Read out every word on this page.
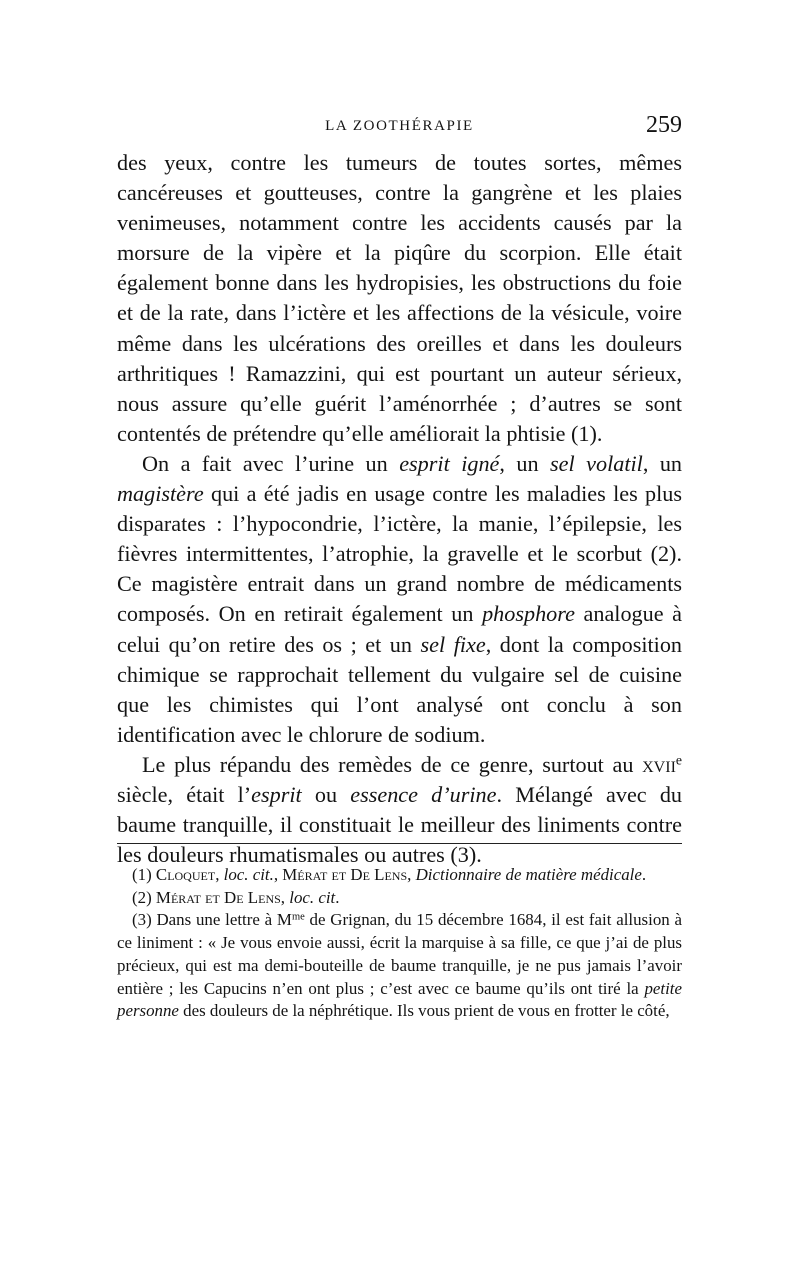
LA ZOOTHÉRAPIE	259

des yeux, contre les tumeurs de toutes sortes, mêmes cancéreuses et goutteuses, contre la gangrène et les plaies venimeuses, notamment contre les accidents causés par la morsure de la vipère et la piqûre du scorpion. Elle était également bonne dans les hydropisies, les obstructions du foie et de la rate, dans l’ictère et les affections de la vésicule, voire même dans les ulcérations des oreilles et dans les douleurs arthritiques ! Ramazzini, qui est pourtant un auteur sérieux, nous assure qu’elle guérit l’aménorrhée ; d’autres se sont contentés de prétendre qu’elle améliorait la phtisie (1).

On a fait avec l’urine un esprit igné, un sel volatil, un magistère qui a été jadis en usage contre les maladies les plus disparates : l’hypocondrie, l’ictère, la manie, l’épilepsie, les fièvres intermittentes, l’atrophie, la gravelle et le scorbut (2). Ce magistère entrait dans un grand nombre de médicaments composés. On en retirait également un phosphore analogue à celui qu’on retire des os ; et un sel fixe, dont la composition chimique se rapprochait tellement du vulgaire sel de cuisine que les chimistes qui l’ont analysé ont conclu à son identification avec le chlorure de sodium.

Le plus répandu des remèdes de ce genre, surtout au xvii$^e$ siècle, était l’esprit ou essence d’urine. Mélangé avec du baume tranquille, il constituait le meilleur des liniments contre les douleurs rhumatismales ou autres (3).

(1) Cloquet, loc. cit., Mérat et De Lens, Dictionnaire de matière médicale.

(2) Mérat et De Lens, loc. cit.

(3) Dans une lettre à $M^{me}$ de Grignan, du 15 décembre 1684, il est fait allusion à ce liniment : « Je vous envoie aussi, écrit la marquise à sa fille, ce que j’ai de plus précieux, qui est ma demi-bouteille de baume tranquille, je ne pus jamais l’avoir entière ; les Capucins n’en ont plus ; c’est avec ce baume qu’ils ont tiré la petite personne des douleurs de la néphrétique. Ils vous prient de vous en frotter le côté,
